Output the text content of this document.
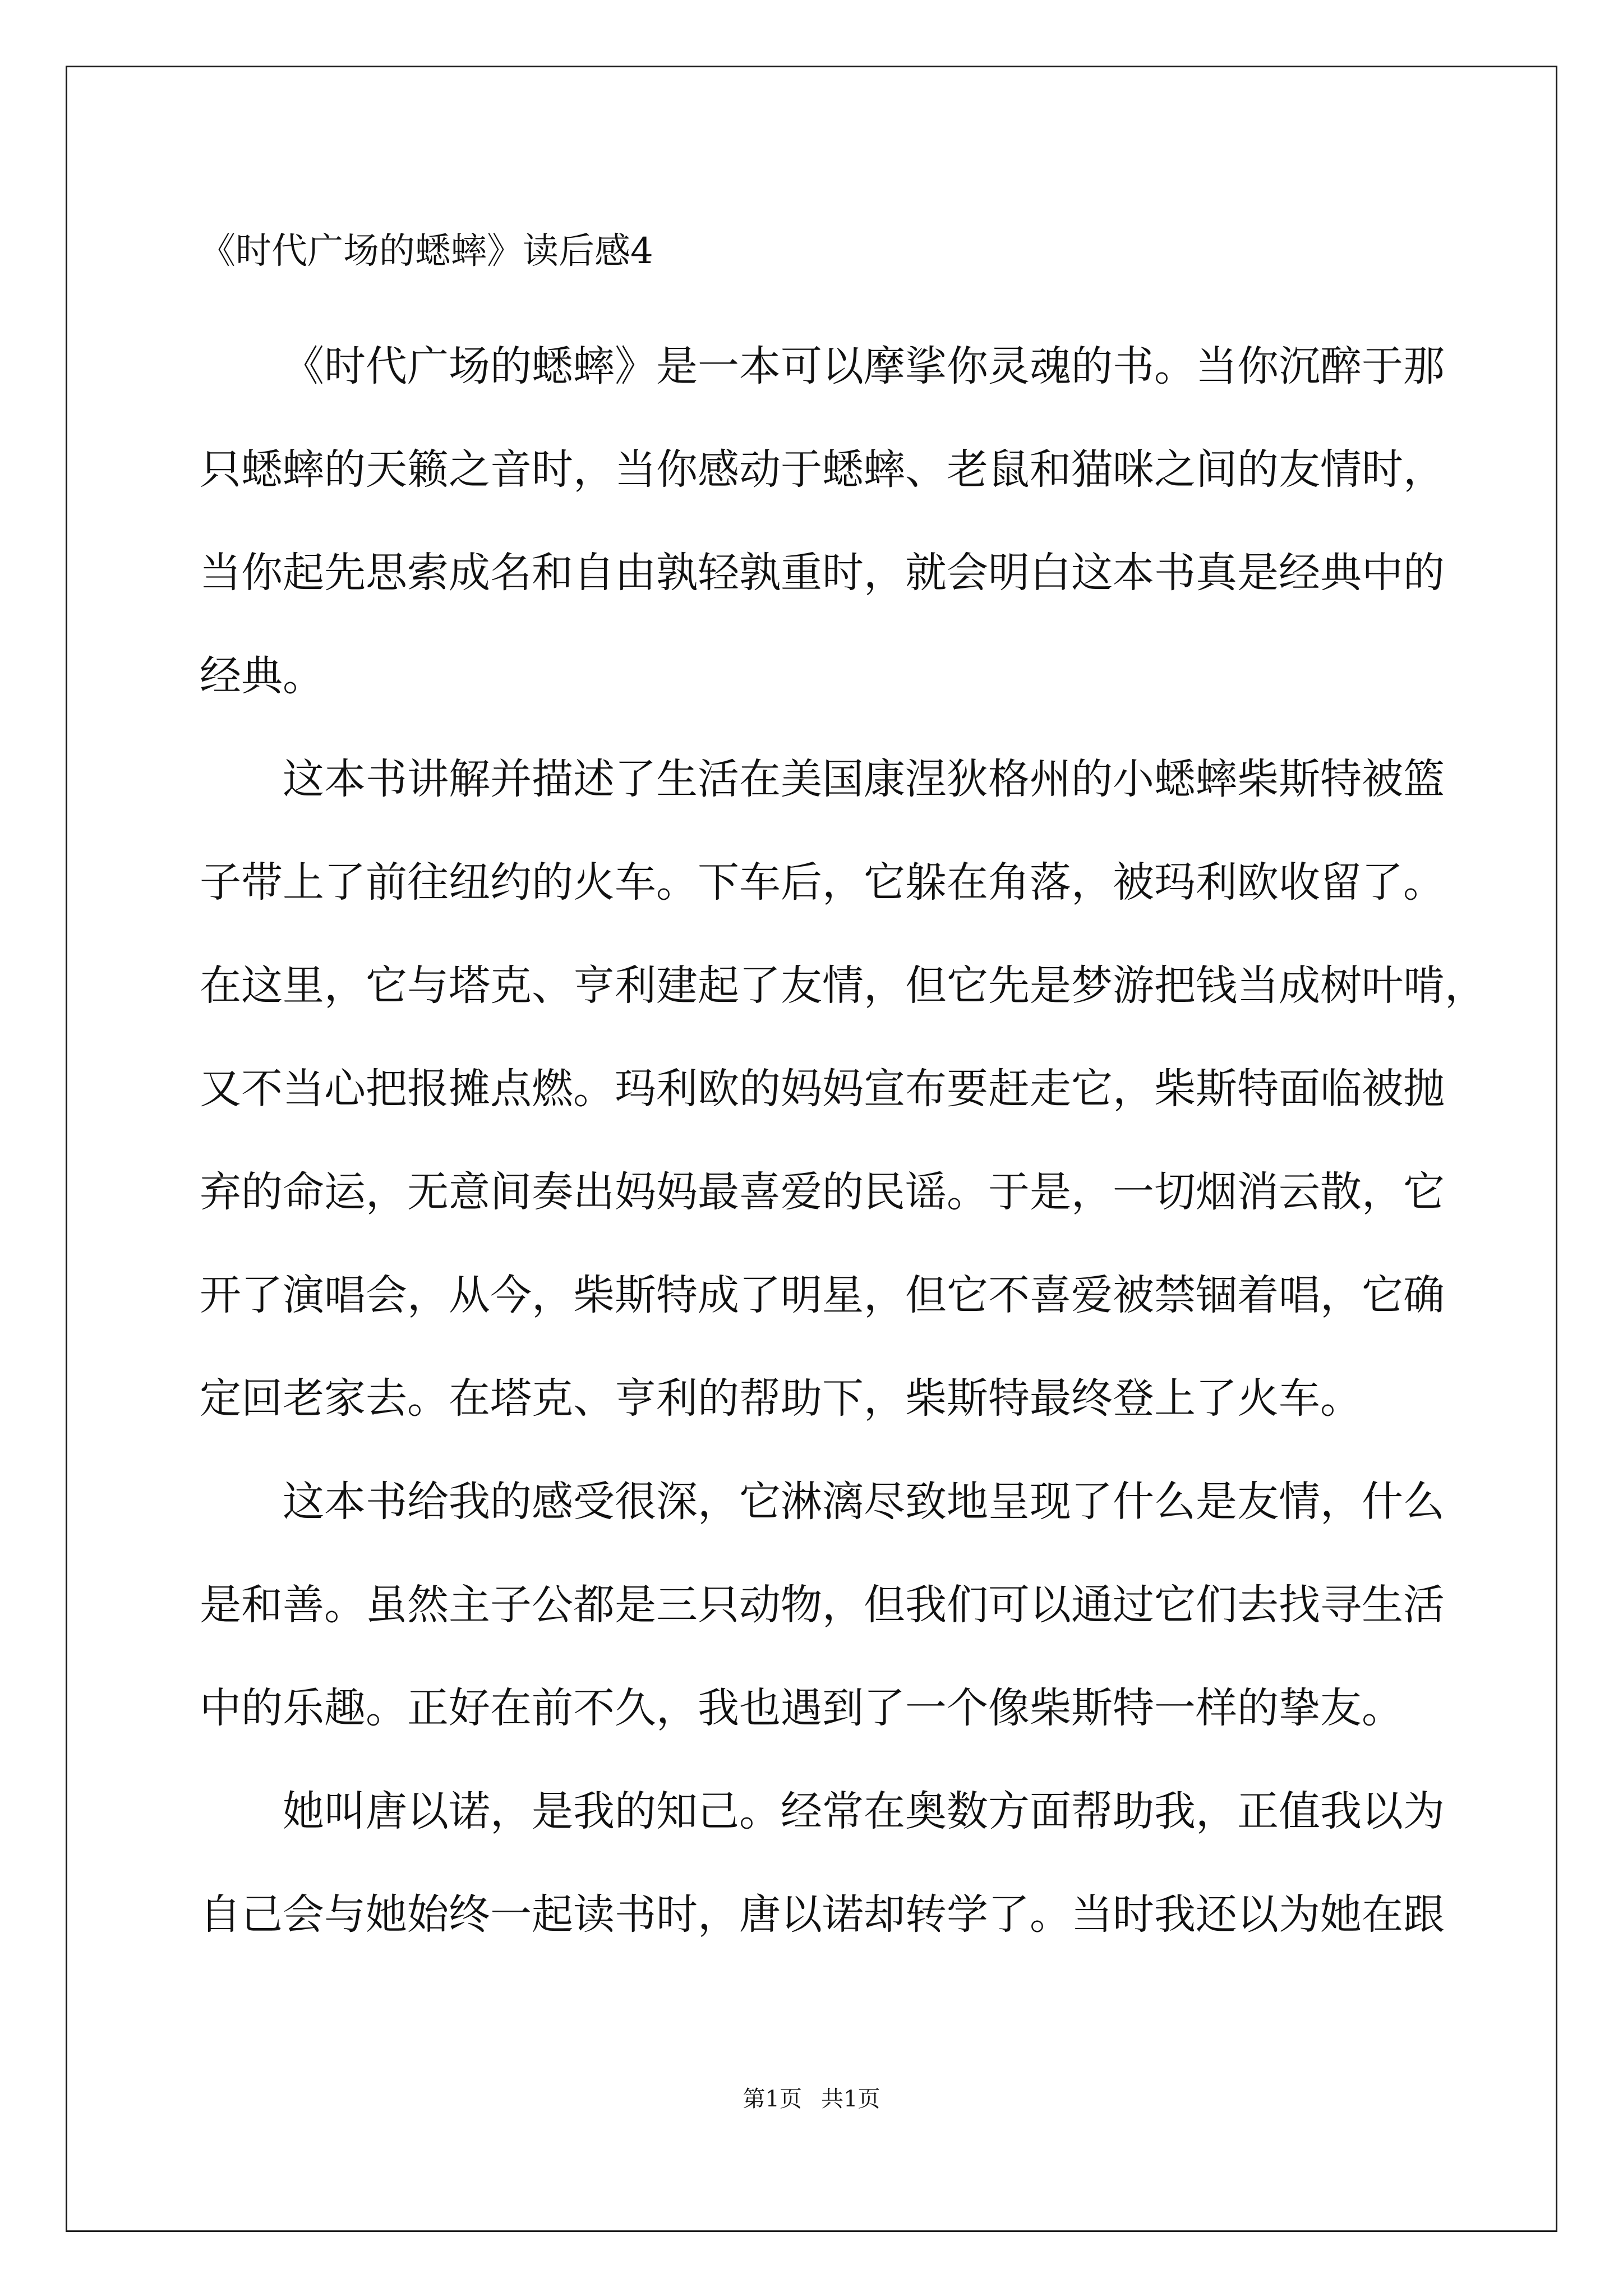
《时代广场的蟋蟀》读后感4
《时代广场的蟋蟀》是一本可以摩挲你灵魂的书。当你沉醉于那
只蟋蟀的天籁之音时，当你感动于蟋蟀、老鼠和猫咪之间的友情时，
当你起先思索成名和自由孰轻孰重时，就会明白这本书真是经典中的
经典。
这本书讲解并描述了生活在美国康涅狄格州的小蟋蟀柴斯特被篮
子带上了前往纽约的火车。下车后，它躲在角落，被玛利欧收留了。
在这里，它与塔克、亨利建起了友情，但它先是梦游把钱当成树叶啃，
又不当心把报摊点燃。玛利欧的妈妈宣布要赶走它，柴斯特面临被抛
弃的命运，无意间奏出妈妈最喜爱的民谣。于是，一切烟消云散，它
开了演唱会，从今，柴斯特成了明星，但它不喜爱被禁锢着唱，它确
定回老家去。在塔克、亨利的帮助下，柴斯特最终登上了火车。
这本书给我的感受很深，它淋漓尽致地呈现了什么是友情，什么
是和善。虽然主子公都是三只动物，但我们可以通过它们去找寻生活
中的乐趣。正好在前不久，我也遇到了一个像柴斯特一样的挚友。
她叫唐以诺，是我的知己。经常在奥数方面帮助我，正值我以为
自己会与她始终一起读书时，唐以诺却转学了。当时我还以为她在跟
第1页 共1页
